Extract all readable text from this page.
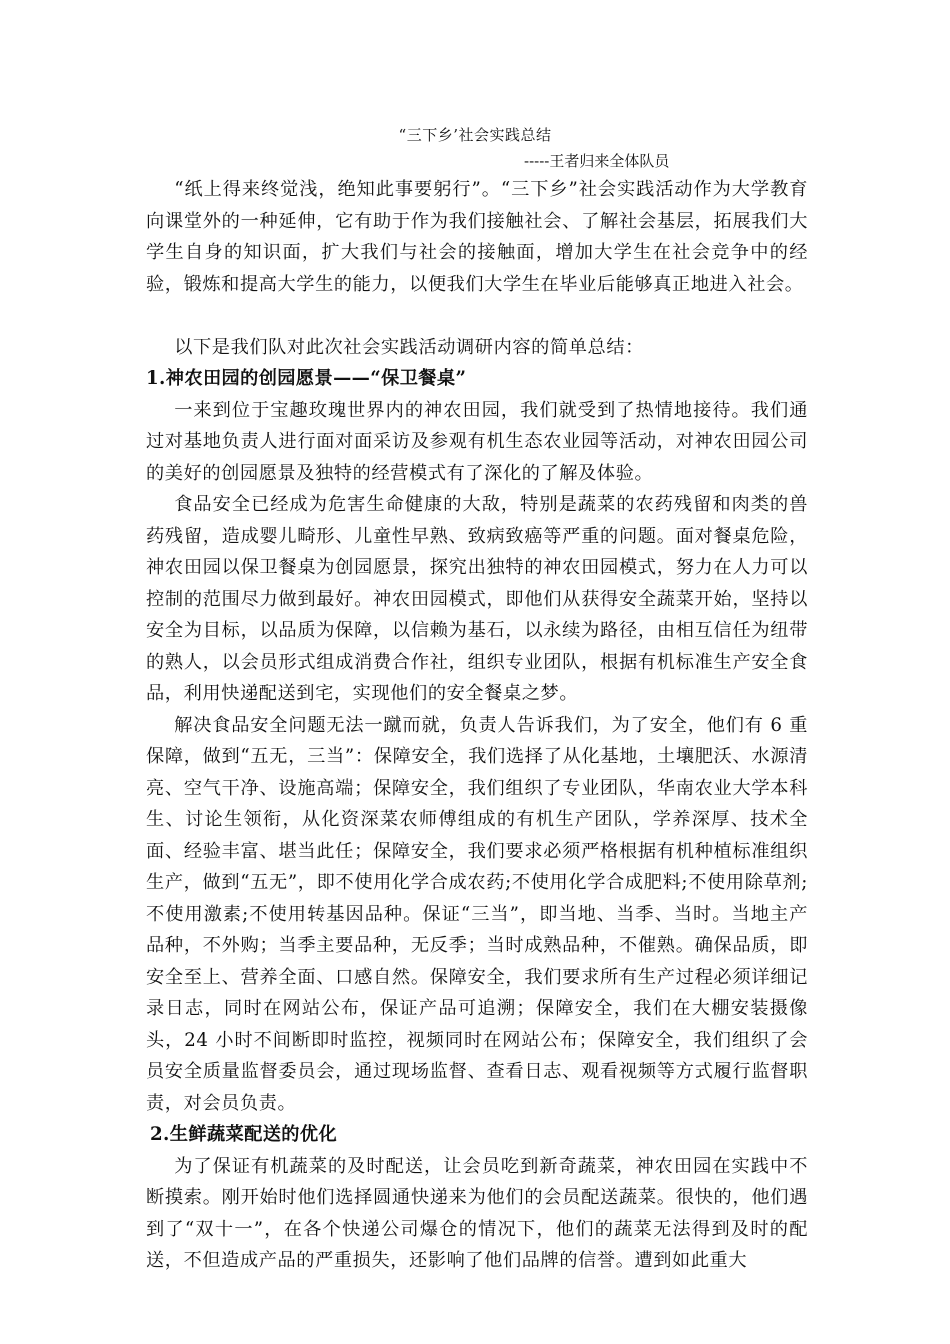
“三下乡’社会实践总结
-----王者归来全体队员

“纸上得来终觉浅，绝知此事要躬行”。“三下乡”社会实践活动作为大学教育向课堂外的一种延伸，它有助于作为我们接触社会、了解社会基层，拓展我们大学生自身的知识面，扩大我们与社会的接触面，增加大学生在社会竞争中的经验，锻炼和提高大学生的能力，以便我们大学生在毕业后能够真正地进入社会。

以下是我们队对此次社会实践活动调研内容的简单总结：

1.神农田园的创园愿景——“保卫餐桌”

一来到位于宝趣玫瑰世界内的神农田园，我们就受到了热情地接待。我们通过对基地负责人进行面对面采访及参观有机生态农业园等活动，对神农田园公司的美好的创园愿景及独特的经营模式有了深化的了解及体验。

食品安全已经成为危害生命健康的大敌，特别是蔬菜的农药残留和肉类的兽药残留，造成婴儿畸形、儿童性早熟、致病致癌等严重的问题。面对餐桌危险，神农田园以保卫餐桌为创园愿景，探究出独特的神农田园模式，努力在人力可以控制的范围尽力做到最好。神农田园模式，即他们从获得安全蔬菜开始，坚持以安全为目标，以品质为保障，以信赖为基石，以永续为路径，由相互信任为纽带的熟人，以会员形式组成消费合作社，组织专业团队，根据有机标准生产安全食品，利用快递配送到宅，实现他们的安全餐桌之梦。

解决食品安全问题无法一蹴而就，负责人告诉我们，为了安全，他们有 6 重保障，做到“五无，三当”：保障安全，我们选择了从化基地，土壤肥沃、水源清亮、空气干净、设施高端；保障安全，我们组织了专业团队，华南农业大学本科生、讨论生领衔，从化资深菜农师傅组成的有机生产团队，学养深厚、技术全面、经验丰富、堪当此任；保障安全，我们要求必须严格根据有机种植标准组织生产，做到“五无”，即不使用化学合成农药;不使用化学合成肥料;不使用除草剂;不使用激素;不使用转基因品种。保证“三当”，即当地、当季、当时。当地主产品种，不外购；当季主要品种，无反季；当时成熟品种，不催熟。确保品质，即安全至上、营养全面、口感自然。保障安全，我们要求所有生产过程必须详细记录日志，同时在网站公布，保证产品可追溯；保障安全，我们在大棚安装摄像头，24 小时不间断即时监控，视频同时在网站公布；保障安全，我们组织了会员安全质量监督委员会，通过现场监督、查看日志、观看视频等方式履行监督职责，对会员负责。

2.生鲜蔬菜配送的优化

为了保证有机蔬菜的及时配送，让会员吃到新奇蔬菜，神农田园在实践中不断摸索。刚开始时他们选择圆通快递来为他们的会员配送蔬菜。很快的，他们遇到了“双十一”，在各个快递公司爆仓的情况下，他们的蔬菜无法得到及时的配送，不但造成产品的严重损失，还影响了他们品牌的信誉。遭到如此重大
